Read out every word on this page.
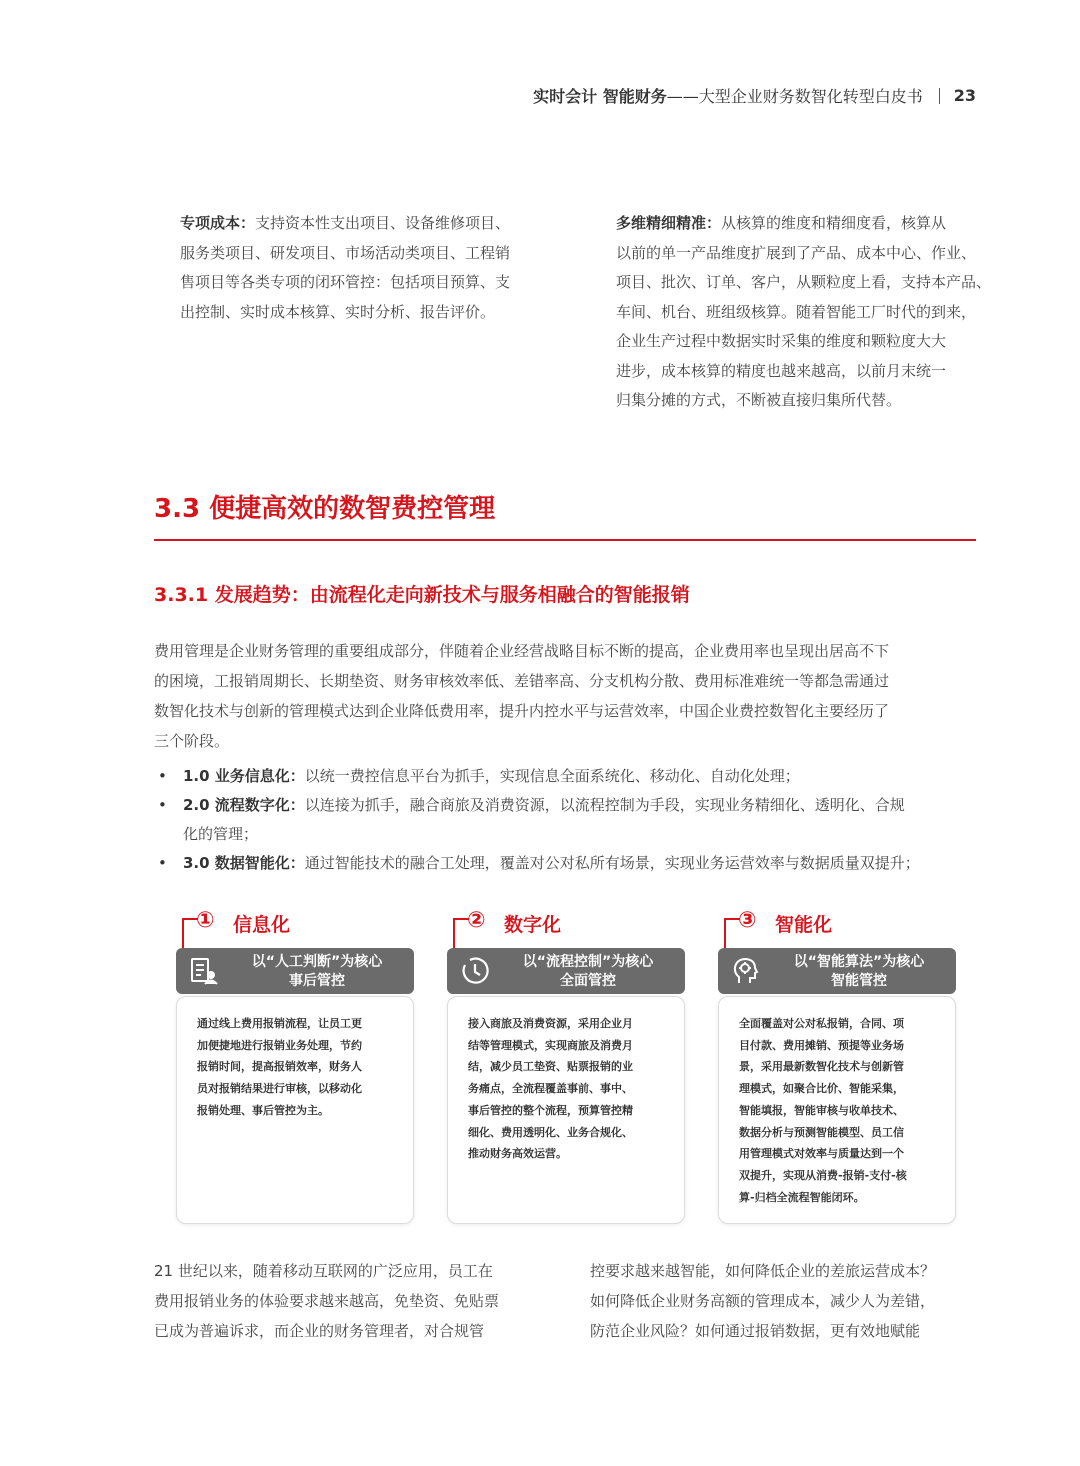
实时会计 智能财务 ——大型企业财务数智化转型白皮书 23
专项成本：支持资本性支出项目、设备维修项目、
服务类项目、研发项目、市场活动类项目、工程销
售项目等各类专项的闭环管控：包括项目预算、支
出控制、实时成本核算、实时分析、报告评价。
多维精细精准：从核算的维度和精细度看，核算从
以前的单一产品维度扩展到了产品、成本中心、作业、
项目、批次、订单、客户，从颗粒度上看，支持本产品、
车间、机台、班组级核算。随着智能工厂时代的到来，
企业生产过程中数据实时采集的维度和颗粒度大大
进步，成本核算的精度也越来越高，以前月末统一
归集分摊的方式，不断被直接归集所代替。
3.3 便捷高效的数智费控管理
3.3.1 发展趋势：由流程化走向新技术与服务相融合的智能报销
费用管理是企业财务管理的重要组成部分，伴随着企业经营战略目标不断的提高，企业费用率也呈现出居高不下
的困境，工报销周期长、长期垫资、财务审核效率低、差错率高、分支机构分散、费用标准难统一等都急需通过
数智化技术与创新的管理模式达到企业降低费用率，提升内控水平与运营效率，中国企业费控数智化主要经历了
三个阶段。
• 1.0 业务信息化：以统一费控信息平台为抓手，实现信息全面系统化、移动化、自动化处理；
• 2.0 流程数字化：以连接为抓手，融合商旅及消费资源，以流程控制为手段，实现业务精细化、透明化、合规
化的管理；
• 3.0 数据智能化：通过智能技术的融合工处理，覆盖对公对私所有场景，实现业务运营效率与数据质量双提升；
① 信息化
以“人工判断”为核心
事后管控
通过线上费用报销流程，让员工更
加便捷地进行报销业务处理，节约
报销时间，提高报销效率，财务人
员对报销结果进行审核，以移动化
报销处理、事后管控为主。
② 数字化
以“流程控制”为核心
全面管控
接入商旅及消费资源，采用企业月
结等管理模式，实现商旅及消费月
结，减少员工垫资、贴票报销的业
务痛点，全流程覆盖事前、事中、
事后管控的整个流程，预算管控精
细化、费用透明化、业务合规化、
推动财务高效运营。
③ 智能化
以“智能算法”为核心
智能管控
全面覆盖对公对私报销，合同、项
目付款、费用摊销、预提等业务场
景，采用最新数智化技术与创新管
理模式，如聚合比价、智能采集，
智能填报，智能审核与收单技术、
数据分析与预测智能模型、员工信
用管理模式对效率与质量达到一个
双提升，实现从消费-报销-支付-核
算-归档全流程智能闭环。
21 世纪以来，随着移动互联网的广泛应用，员工在
费用报销业务的体验要求越来越高，免垫资、免贴票
已成为普遍诉求，而企业的财务管理者，对合规管
控要求越来越智能，如何降低企业的差旅运营成本？
如何降低企业财务高额的管理成本，减少人为差错，
防范企业风险？如何通过报销数据，更有效地赋能
